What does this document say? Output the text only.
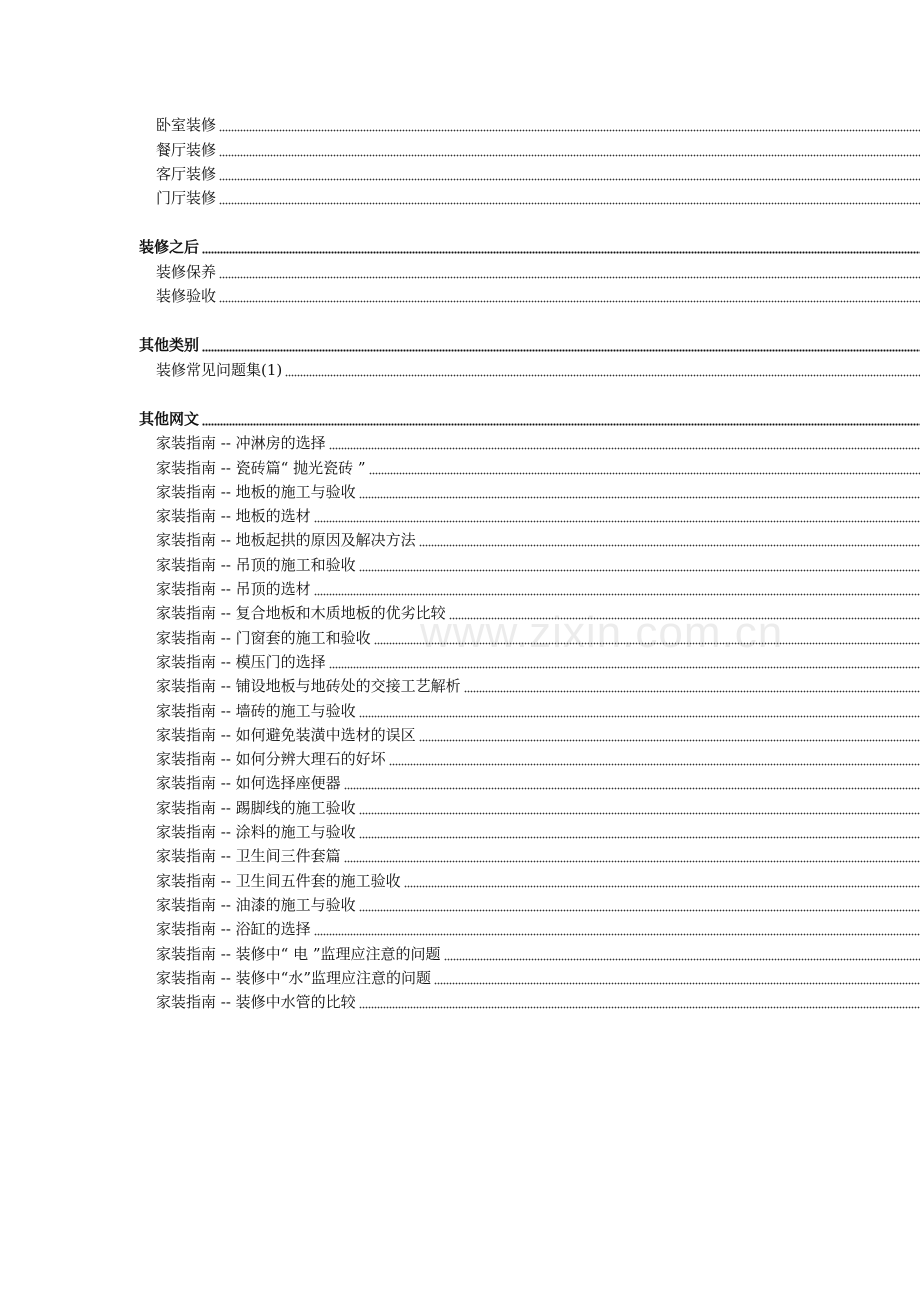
卧室装修
餐厅装修
客厅装修
门厅装修
装修之后
装修保养
装修验收
其他类别
装修常见问题集(1)
其他网文
家装指南 -- 冲淋房的选择
家装指南 -- 瓷砖篇“ 抛光瓷砖 ”
家装指南 -- 地板的施工与验收
家装指南 -- 地板的选材
家装指南 -- 地板起拱的原因及解决方法
家装指南 -- 吊顶的施工和验收
家装指南 -- 吊顶的选材
家装指南 -- 复合地板和木质地板的优劣比较
家装指南 -- 门窗套的施工和验收
家装指南 -- 模压门的选择
家装指南 -- 铺设地板与地砖处的交接工艺解析
家装指南 -- 墙砖的施工与验收
家装指南 -- 如何避免装潢中选材的误区
家装指南 -- 如何分辨大理石的好坏
家装指南 -- 如何选择座便器
家装指南 -- 踢脚线的施工验收
家装指南 -- 涂料的施工与验收
家装指南 -- 卫生间三件套篇
家装指南 -- 卫生间五件套的施工验收
家装指南 -- 油漆的施工与验收
家装指南 -- 浴缸的选择
家装指南 -- 装修中“ 电 ”监理应注意的问题
家装指南 -- 装修中“水”监理应注意的问题
家装指南 -- 装修中水管的比较
